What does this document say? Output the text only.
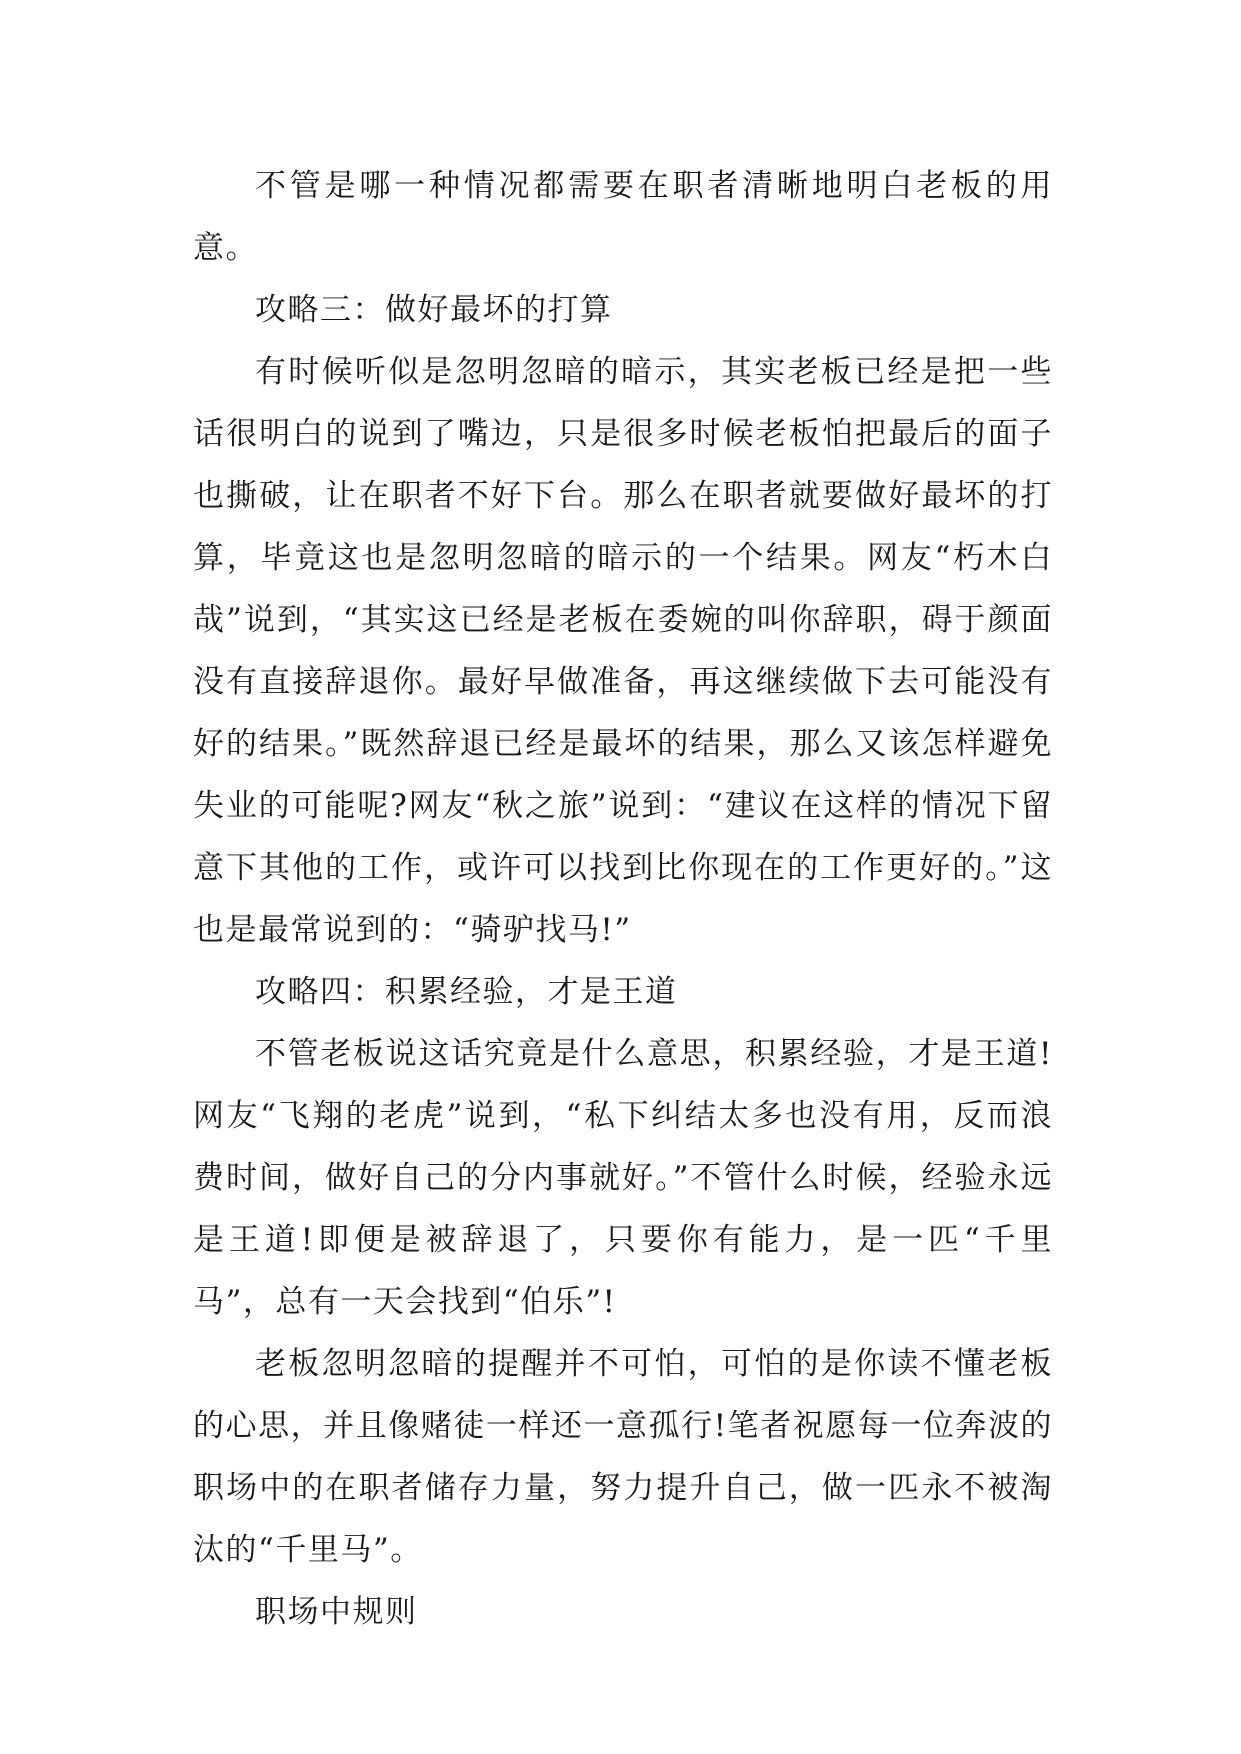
不管是哪一种情况都需要在职者清晰地明白老板的用意。

攻略三：做好最坏的打算

有时候听似是忽明忽暗的暗示，其实老板已经是把一些话很明白的说到了嘴边，只是很多时候老板怕把最后的面子也撕破，让在职者不好下台。那么在职者就要做好最坏的打算，毕竟这也是忽明忽暗的暗示的一个结果。网友“朽木白哉”说到，“其实这已经是老板在委婉的叫你辞职，碍于颜面没有直接辞退你。最好早做准备，再这继续做下去可能没有好的结果。”既然辞退已经是最坏的结果，那么又该怎样避免失业的可能呢?网友“秋之旅”说到：“建议在这样的情况下留意下其他的工作，或许可以找到比你现在的工作更好的。”这也是最常说到的：“骑驴找马!”

攻略四：积累经验，才是王道

不管老板说这话究竟是什么意思，积累经验，才是王道!网友“飞翔的老虎”说到，“私下纠结太多也没有用，反而浪费时间，做好自己的分内事就好。”不管什么时候，经验永远是王道!即便是被辞退了，只要你有能力，是一匹“千里马”，总有一天会找到“伯乐”!

老板忽明忽暗的提醒并不可怕，可怕的是你读不懂老板的心思，并且像赌徒一样还一意孤行!笔者祝愿每一位奔波的职场中的在职者储存力量，努力提升自己，做一匹永不被淘汰的“千里马”。

职场中规则
